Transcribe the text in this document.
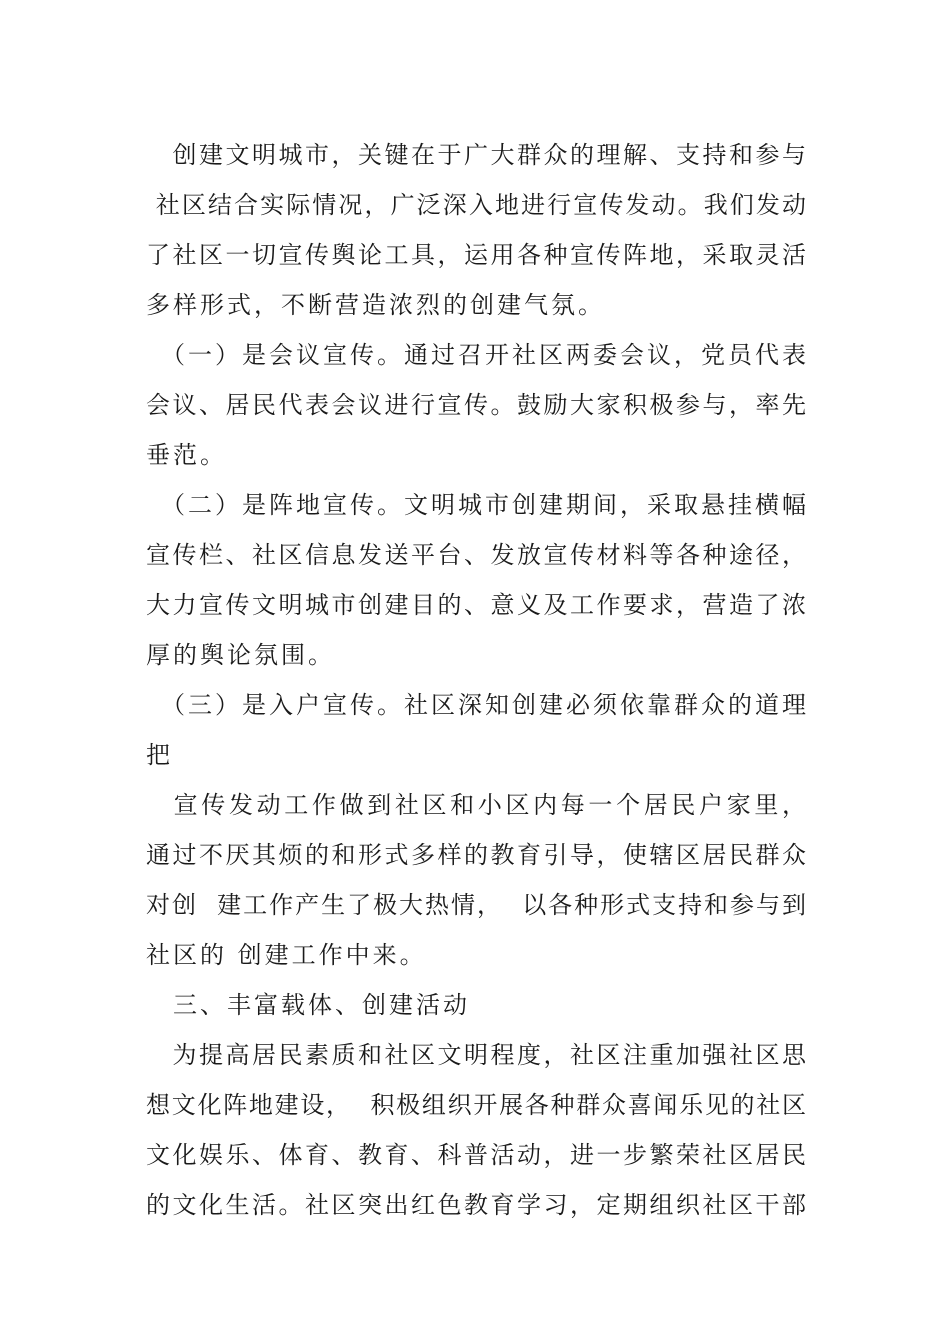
　创建文明城市，关键在于广大群众的理解、支持和参与
社区结合实际情况，广泛深入地进行宣传发动。我们发动
了社区一切宣传舆论工具，运用各种宣传阵地，采取灵活
多样形式，不断营造浓烈的创建气氛。
　（一）是会议宣传。通过召开社区两委会议，党员代表
会议、居民代表会议进行宣传。鼓励大家积极参与，率先
垂范。
　（二）是阵地宣传。文明城市创建期间，采取悬挂横幅
宣传栏、社区信息发送平台、发放宣传材料等各种途径，
大力宣传文明城市创建目的、意义及工作要求，营造了浓
厚的舆论氛围。
　（三）是入户宣传。社区深知创建必须依靠群众的道理
把
　宣传发动工作做到社区和小区内每一个居民户家里，
通过不厌其烦的和形式多样的教育引导，使辖区居民群众
对创  建工作产生了极大热情，  以各种形式支持和参与到
社区的 创建工作中来。
　三、丰富载体、创建活动
　为提高居民素质和社区文明程度，社区注重加强社区思
想文化阵地建设，  积极组织开展各种群众喜闻乐见的社区
文化娱乐、体育、教育、科普活动，进一步繁荣社区居民
的文化生活。社区突出红色教育学习，定期组织社区干部
